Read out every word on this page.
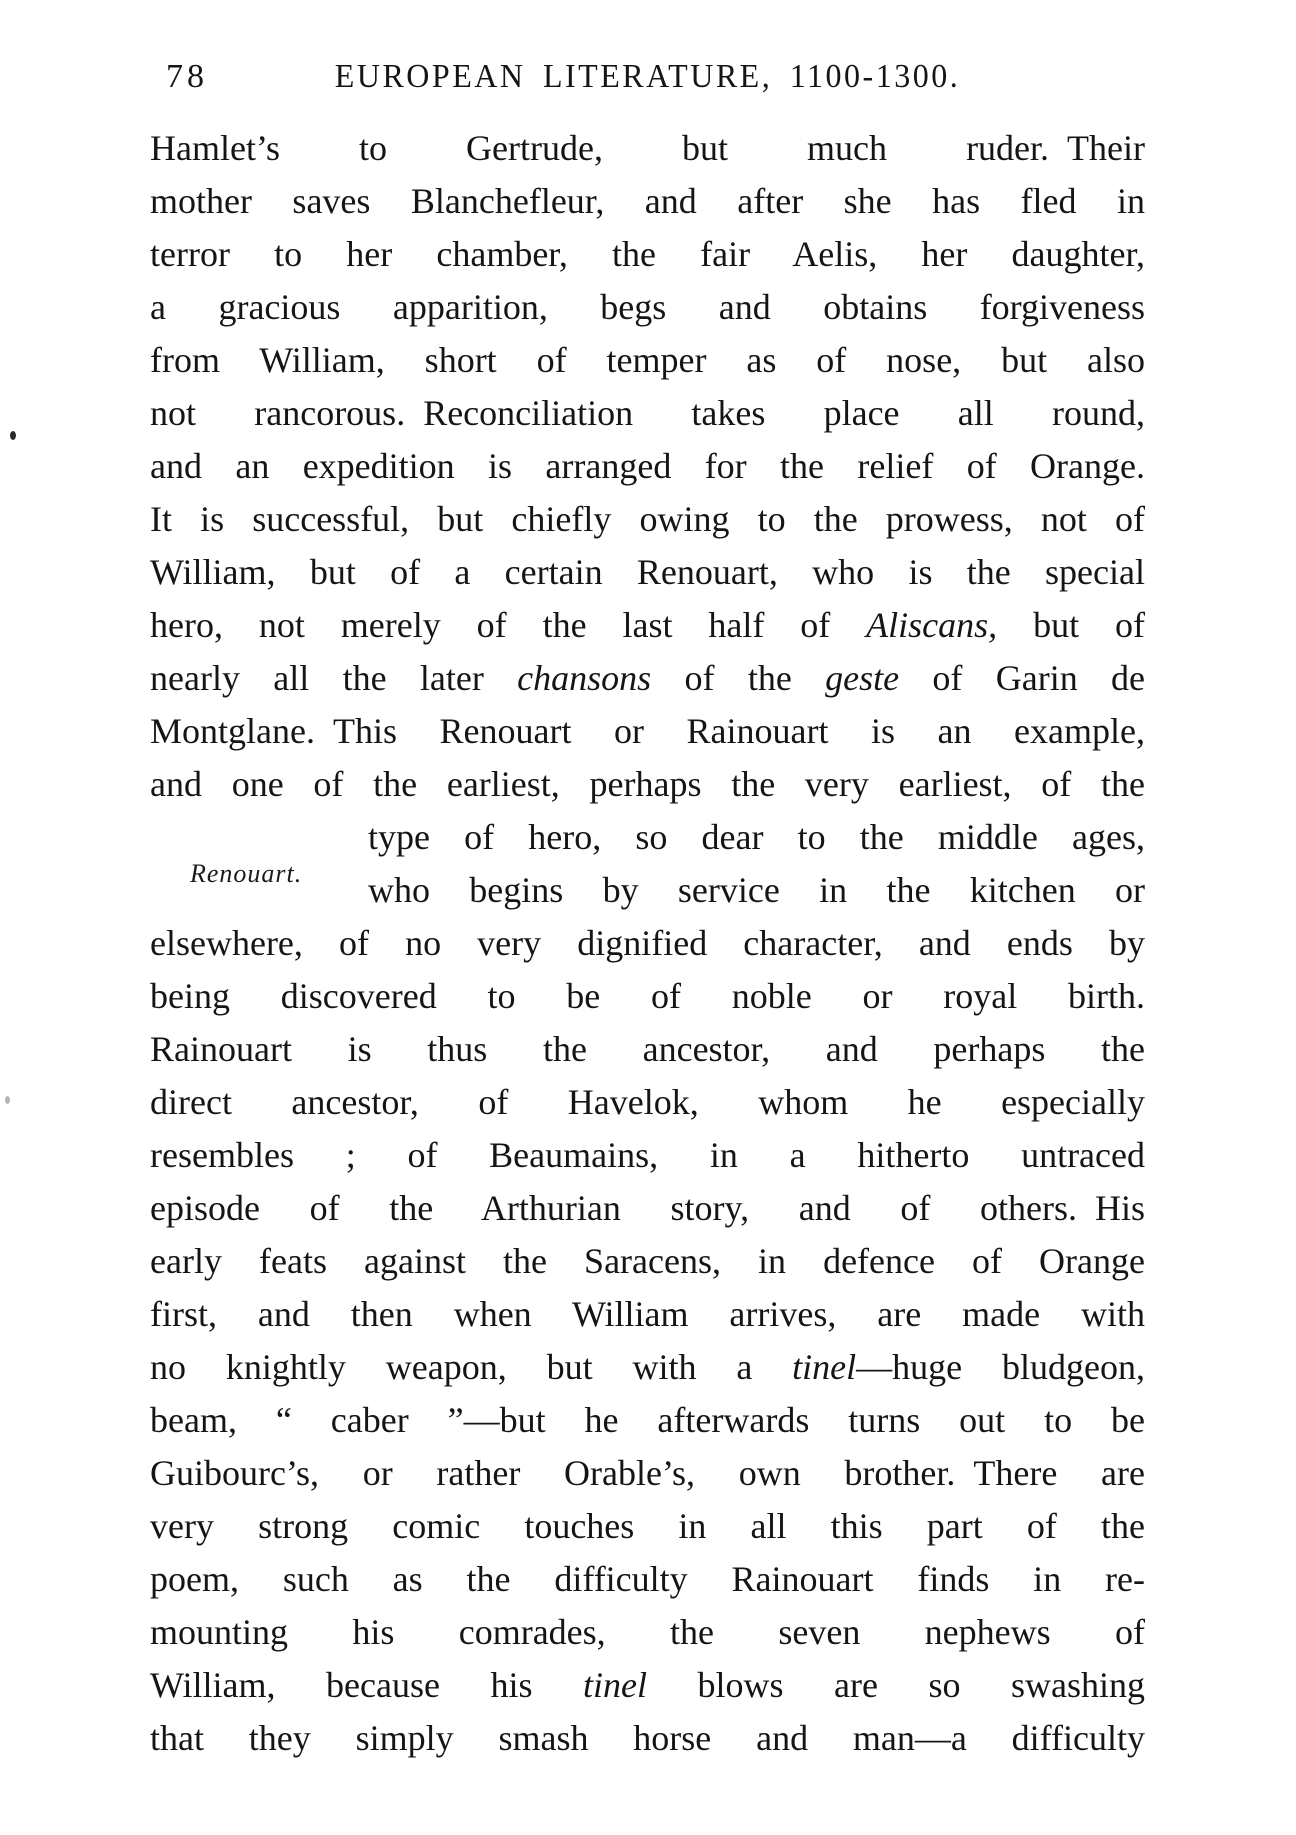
78	EUROPEAN LITERATURE, 1100-1300.
Renouart.
Hamlet’s to Gertrude, but much ruder. Their
mother saves Blanchefleur, and after she has fled in
terror to her chamber, the fair Aelis, her daughter,
a gracious apparition, begs and obtains forgiveness
from William, short of temper as of nose, but also
not rancorous. Reconciliation takes place all round,
and an expedition is arranged for the relief of Orange.
It is successful, but chiefly owing to the prowess, not of
William, but of a certain Renouart, who is the special
hero, not merely of the last half of Aliscans, but of
nearly all the later chansons of the geste of Garin de
Montglane. This Renouart or Rainouart is an example,
and one of the earliest, perhaps the very earliest, of the
type of hero, so dear to the middle ages,
who begins by service in the kitchen or
elsewhere, of no very dignified character, and ends by
being discovered to be of noble or royal birth.
Rainouart is thus the ancestor, and perhaps the
direct ancestor, of Havelok, whom he especially
resembles ; of Beaumains, in a hitherto untraced
episode of the Arthurian story, and of others. His
early feats against the Saracens, in defence of Orange
first, and then when William arrives, are made with
no knightly weapon, but with a tinel—huge bludgeon,
beam, “ caber ”—but he afterwards turns out to be
Guibourc’s, or rather Orable’s, own brother. There are
very strong comic touches in all this part of the
poem, such as the difficulty Rainouart finds in re-
mounting his comrades, the seven nephews of
William, because his tinel blows are so swashing
that they simply smash horse and man—a difficulty
